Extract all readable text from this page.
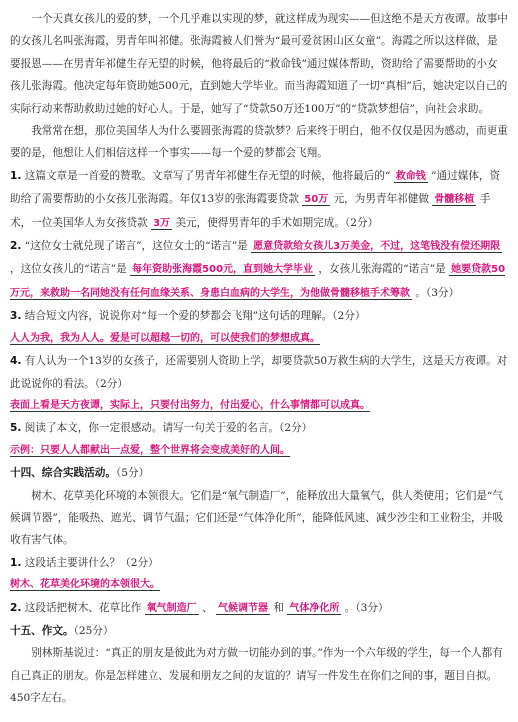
一个天真女孩儿的爱的梦，一个几乎难以实现的梦，就这样成为现实——但这绝不是天方夜谭。故事中的女孩儿名叫张海霞，男青年叫祁健。张海霞被人们誉为“最可爱贫困山区女童”。海霞之所以这样做，是要报恩——在男青年祁健生存无望的时候，他将最后的“救命钱”通过媒体帮助，资助给了需要帮助的小女孩儿张海霞。他决定每年资助她500元，直到她大学毕业。而当海霞知道了一切“真相”后，她决定以自己的实际行动来帮助救助过她的好心人。于是，她写了“贷款50万还100万”的“贷款梦想信”，向社会求助。

我常常在想，那位美国华人为什么要圆张海霞的贷款梦？后来终于明白，他不仅仅是因为感动，而更重要的是，他想让人们相信这样一个事实——每一个爱的梦都会飞翔。

1. 这篇文章是一首爱的赞歌。文章写了男青年祁健生存无望的时候，他将最后的“ 救命钱 ”通过媒体，资助给了需要帮助的小女孩儿张海霞。年仅13岁的张海霞要贷款 50万 元，为男青年祁健做 骨髓移植 手术，一位美国华人为女孩贷款 3万 美元，使得男青年的手术如期完成。（2分）

2. “这位女士就兑现了诺言”，这位女士的“诺言”是 愿意贷款给女孩儿3万美金，不过，这笔钱没有偿还期限 ，这位女孩儿的“诺言”是 每年资助张海霞500元，直到她大学毕业 ，女孩儿张海霞的“诺言”是 她要贷款50万元，来救助一名同她没有任何血缘关系、身患白血病的大学生，为他做骨髓移植手术筹款 。（3分）

3. 结合短文内容，说说你对“每一个爱的梦都会飞翔”这句话的理解。（2分）

人人为我，我为人人。爱是可以超越一切的，可以使我们的梦想成真。

4. 有人认为一个13岁的女孩子，还需要别人资助上学，却要贷款50万救生病的大学生，这是天方夜谭。对此说说你的看法。（2分）

表面上看是天方夜谭，实际上，只要付出努力，付出爱心，什么事情都可以成真。

5. 阅读了本文，你一定很感动。请写一句关于爱的名言。（2分）

示例：只要人人都献出一点爱，整个世界将会变成美好的人间。

十四、综合实践活动。（5分）

树木、花草美化环境的本领很大。它们是“氧气制造厂”，能释放出大量氧气，供人类使用；它们是“气候调节器”，能吸热、遮光、调节气温；它们还是“气体净化所”，能降低风速、减少沙尘和工业粉尘，并吸收有害气体。

1. 这段话主要讲什么？（2分）

树木、花草美化环境的本领很大。

2. 这段话把树木、花草比作 氧气制造厂 、 气候调节器 和 气体净化所 。（3分）

十五、作文。（25分）

别林斯基说过：“真正的朋友是彼此为对方做一切能办到的事。”作为一个六年级的学生，每一个人都有自己真正的朋友。你是怎样建立、发展和朋友之间的友谊的？请写一件发生在你们之间的事，题目自拟。450字左右。
